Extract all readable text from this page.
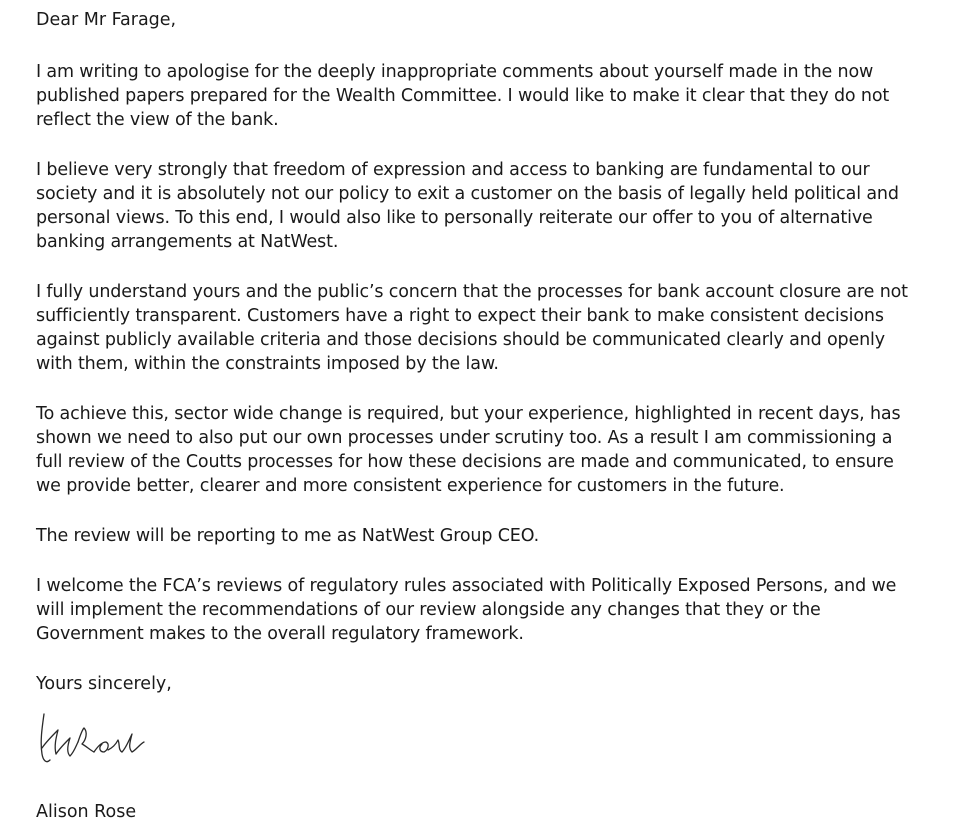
Dear Mr Farage,

I am writing to apologise for the deeply inappropriate comments about yourself made in the now
published papers prepared for the Wealth Committee. I would like to make it clear that they do not
reflect the view of the bank.

I believe very strongly that freedom of expression and access to banking are fundamental to our
society and it is absolutely not our policy to exit a customer on the basis of legally held political and
personal views. To this end, I would also like to personally reiterate our offer to you of alternative
banking arrangements at NatWest.

I fully understand yours and the public’s concern that the processes for bank account closure are not
sufficiently transparent. Customers have a right to expect their bank to make consistent decisions
against publicly available criteria and those decisions should be communicated clearly and openly
with them, within the constraints imposed by the law.

To achieve this, sector wide change is required, but your experience, highlighted in recent days, has
shown we need to also put our own processes under scrutiny too. As a result I am commissioning a
full review of the Coutts processes for how these decisions are made and communicated, to ensure
we provide better, clearer and more consistent experience for customers in the future.

The review will be reporting to me as NatWest Group CEO.

I welcome the FCA’s reviews of regulatory rules associated with Politically Exposed Persons, and we
will implement the recommendations of our review alongside any changes that they or the
Government makes to the overall regulatory framework.

Yours sincerely,

Alison Rose
